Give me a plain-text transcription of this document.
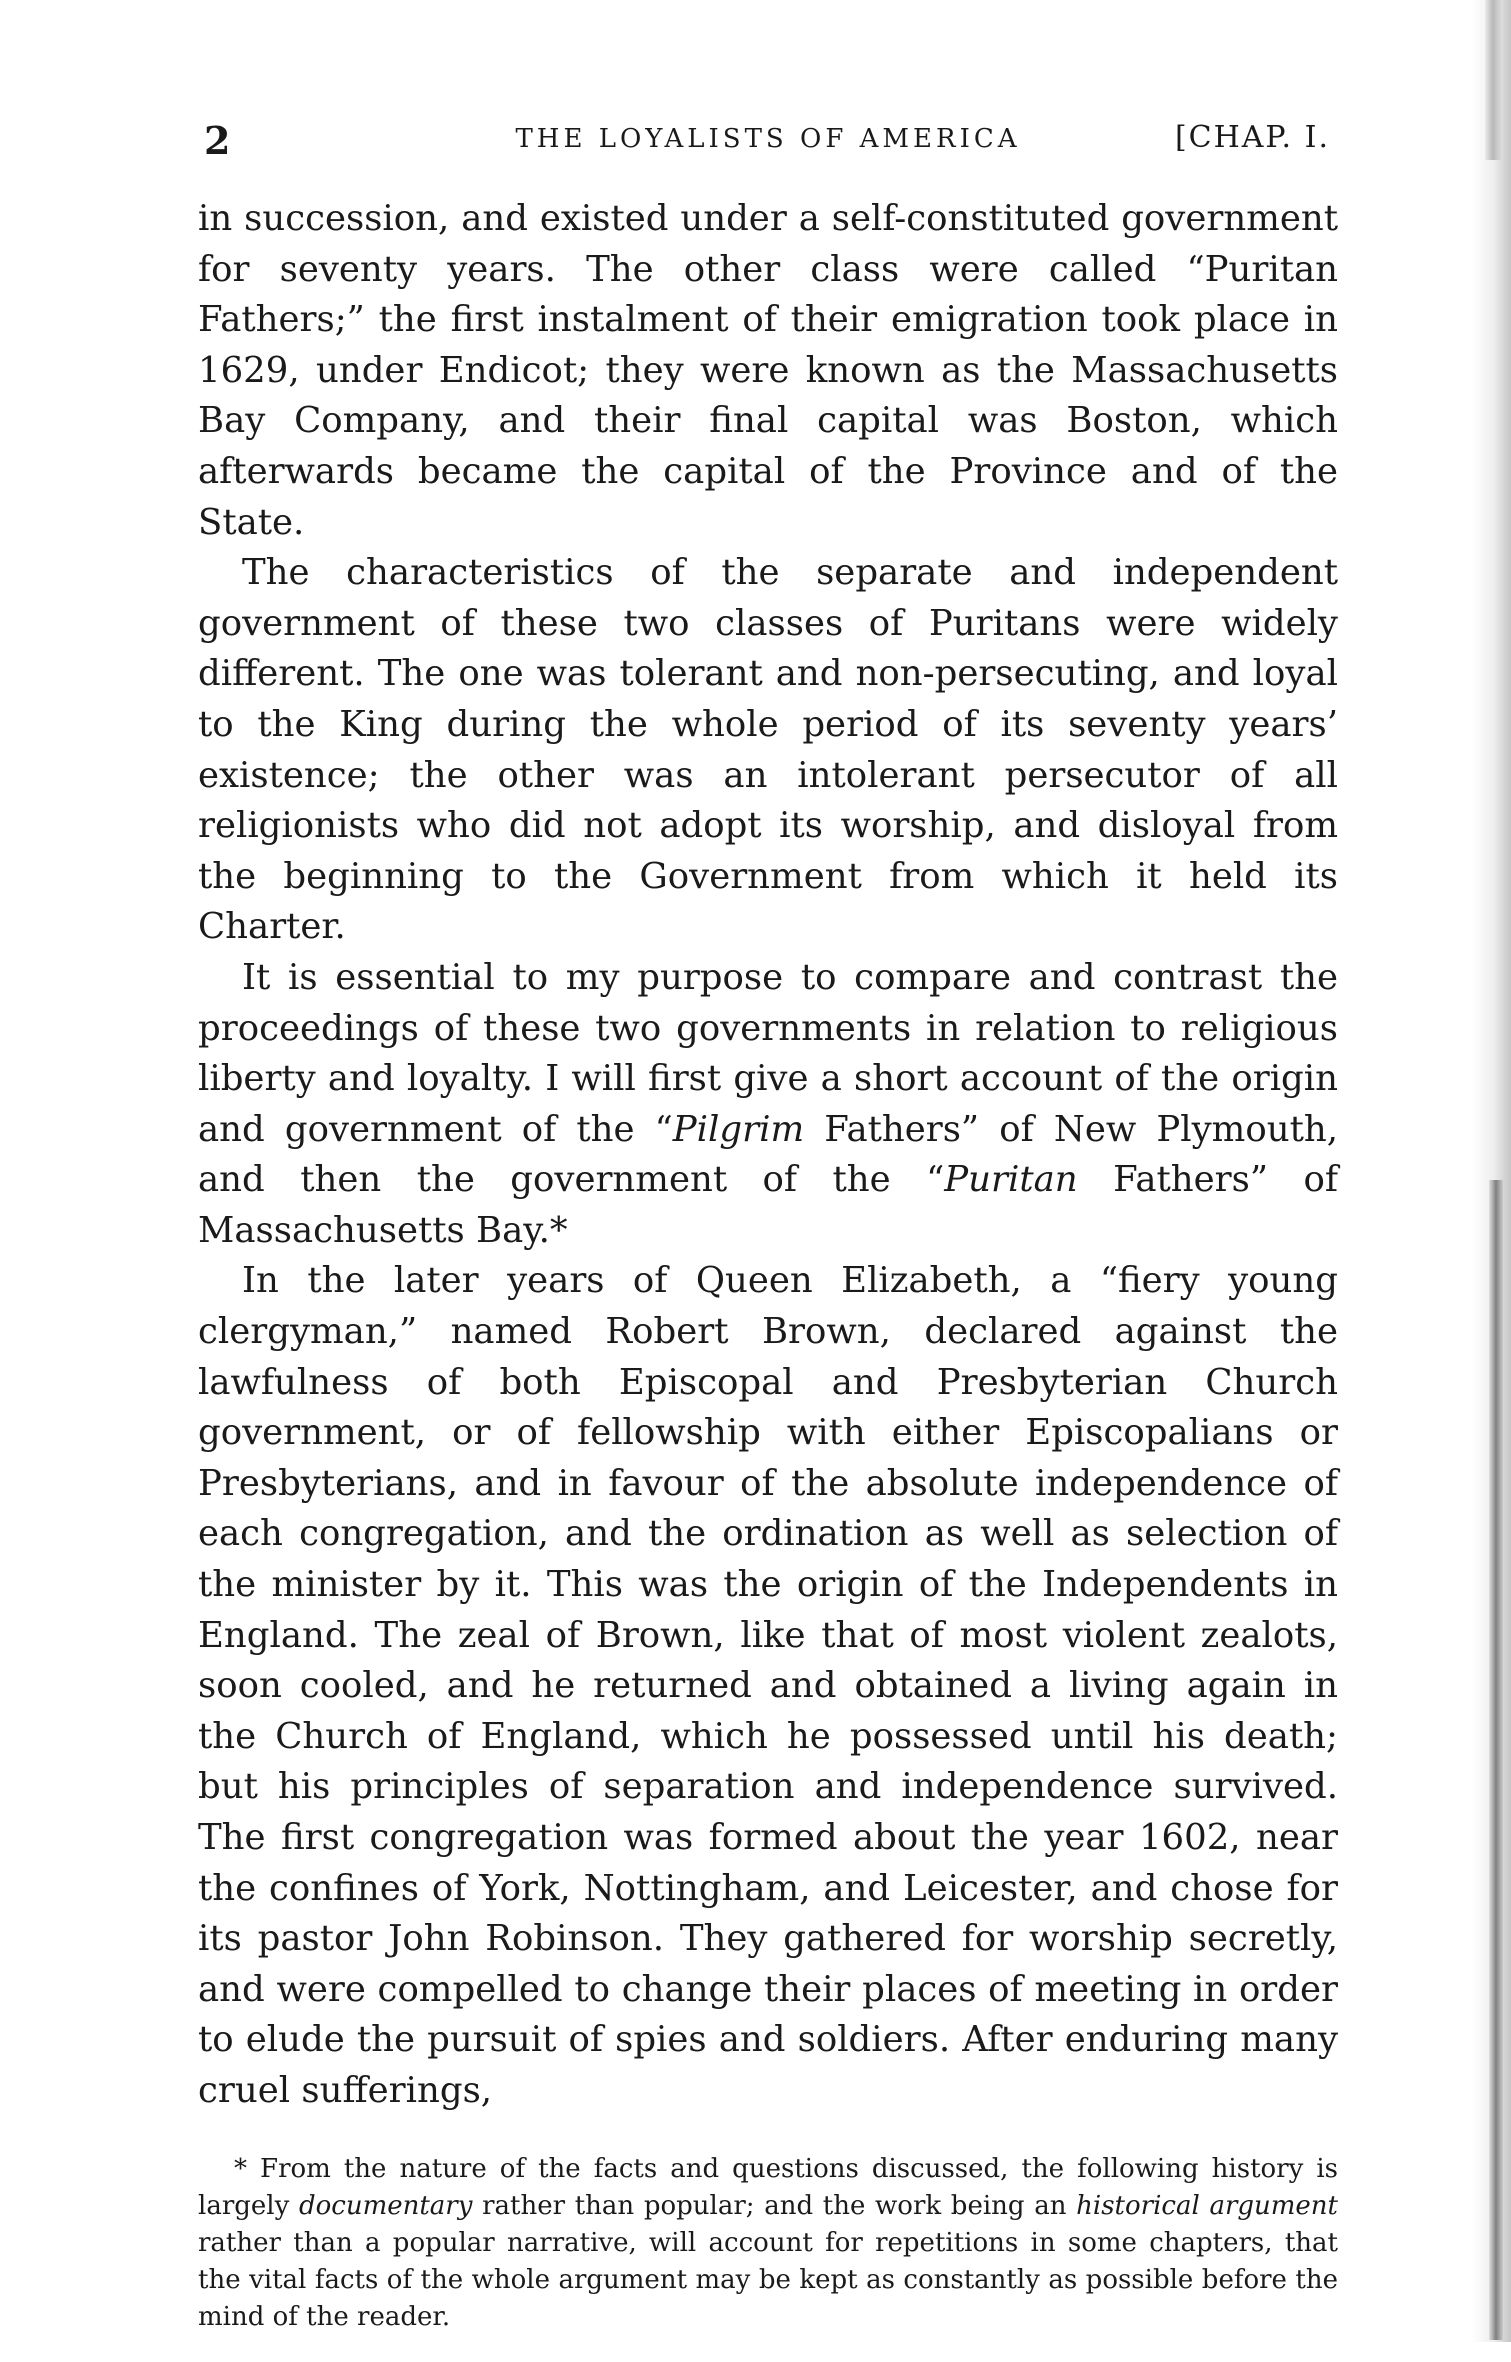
2	THE LOYALISTS OF AMERICA	[CHAP. I.

in succession, and existed under a self-constituted government for seventy years. The other class were called “Puritan Fathers;” the first instalment of their emigration took place in 1629, under Endicot; they were known as the Massachusetts Bay Company, and their final capital was Boston, which afterwards became the capital of the Province and of the State.

The characteristics of the separate and independent government of these two classes of Puritans were widely different. The one was tolerant and non-persecuting, and loyal to the King during the whole period of its seventy years’ existence; the other was an intolerant persecutor of all religionists who did not adopt its worship, and disloyal from the beginning to the Government from which it held its Charter.

It is essential to my purpose to compare and contrast the proceedings of these two governments in relation to religious liberty and loyalty. I will first give a short account of the origin and government of the “Pilgrim Fathers” of New Plymouth, and then the government of the “Puritan Fathers” of Massachusetts Bay.*

In the later years of Queen Elizabeth, a “fiery young clergyman,” named Robert Brown, declared against the lawfulness of both Episcopal and Presbyterian Church government, or of fellowship with either Episcopalians or Presbyterians, and in favour of the absolute independence of each congregation, and the ordination as well as selection of the minister by it. This was the origin of the Independents in England. The zeal of Brown, like that of most violent zealots, soon cooled, and he returned and obtained a living again in the Church of England, which he possessed until his death; but his principles of separation and independence survived. The first congregation was formed about the year 1602, near the confines of York, Nottingham, and Leicester, and chose for its pastor John Robinson. They gathered for worship secretly, and were compelled to change their places of meeting in order to elude the pursuit of spies and soldiers. After enduring many cruel sufferings,

* From the nature of the facts and questions discussed, the following history is largely documentary rather than popular; and the work being an historical argument rather than a popular narrative, will account for repetitions in some chapters, that the vital facts of the whole argument may be kept as constantly as possible before the mind of the reader.
